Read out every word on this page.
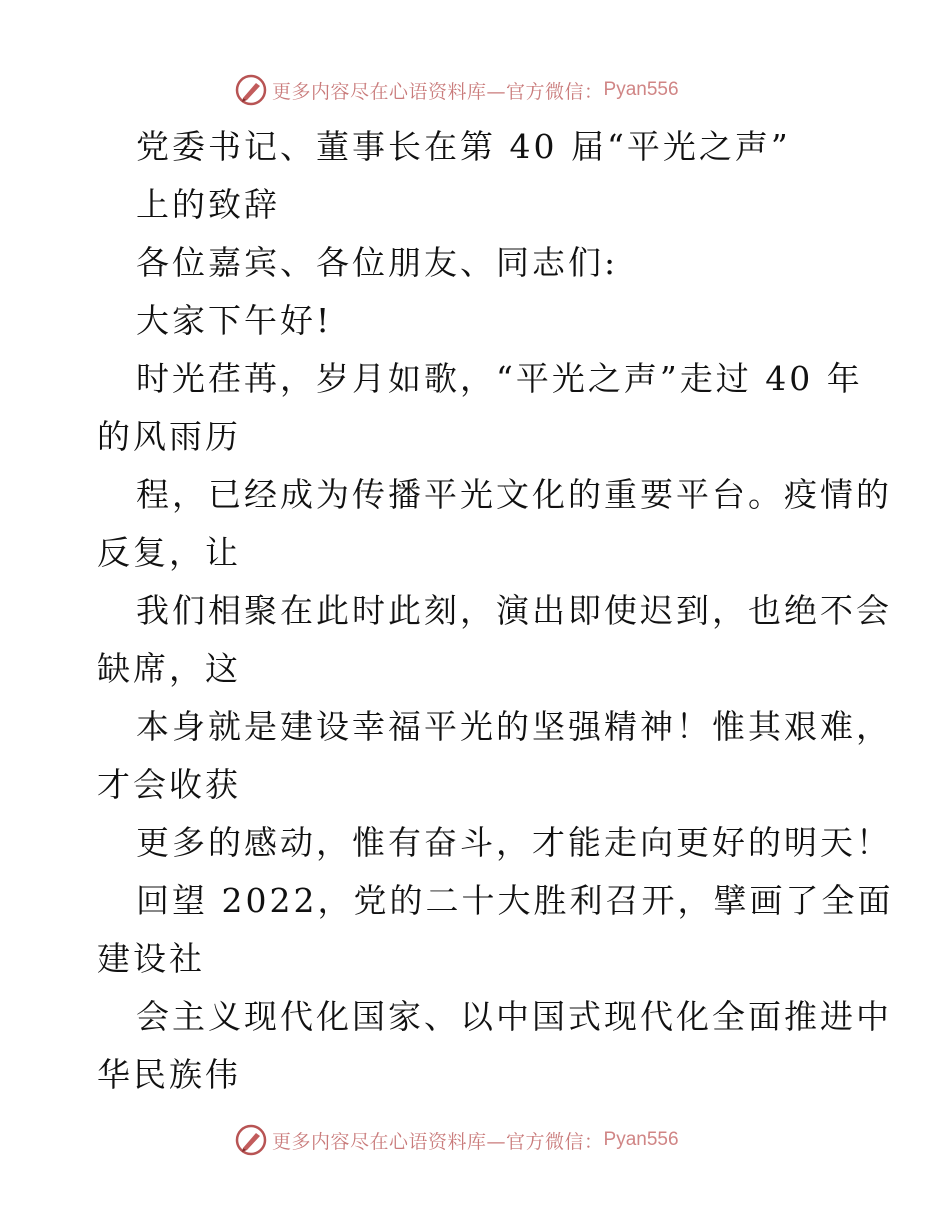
更多内容尽在心语资料库—官方微信： Pyan556
党委书记、董事长在第 40 届“平光之声”
上的致辞
各位嘉宾、各位朋友、同志们:
大家下午好!
时光荏苒，岁月如歌，“平光之声”走过 40 年
的风雨历
程，已经成为传播平光文化的重要平台。疫情的
反复，让
我们相聚在此时此刻，演出即使迟到，也绝不会
缺席，这
本身就是建设幸福平光的坚强精神！惟其艰难，
才会收获
更多的感动，惟有奋斗，才能走向更好的明天！
回望 2022，党的二十大胜利召开，擘画了全面
建设社
会主义现代化国家、以中国式现代化全面推进中
华民族伟
更多内容尽在心语资料库—官方微信： Pyan556
